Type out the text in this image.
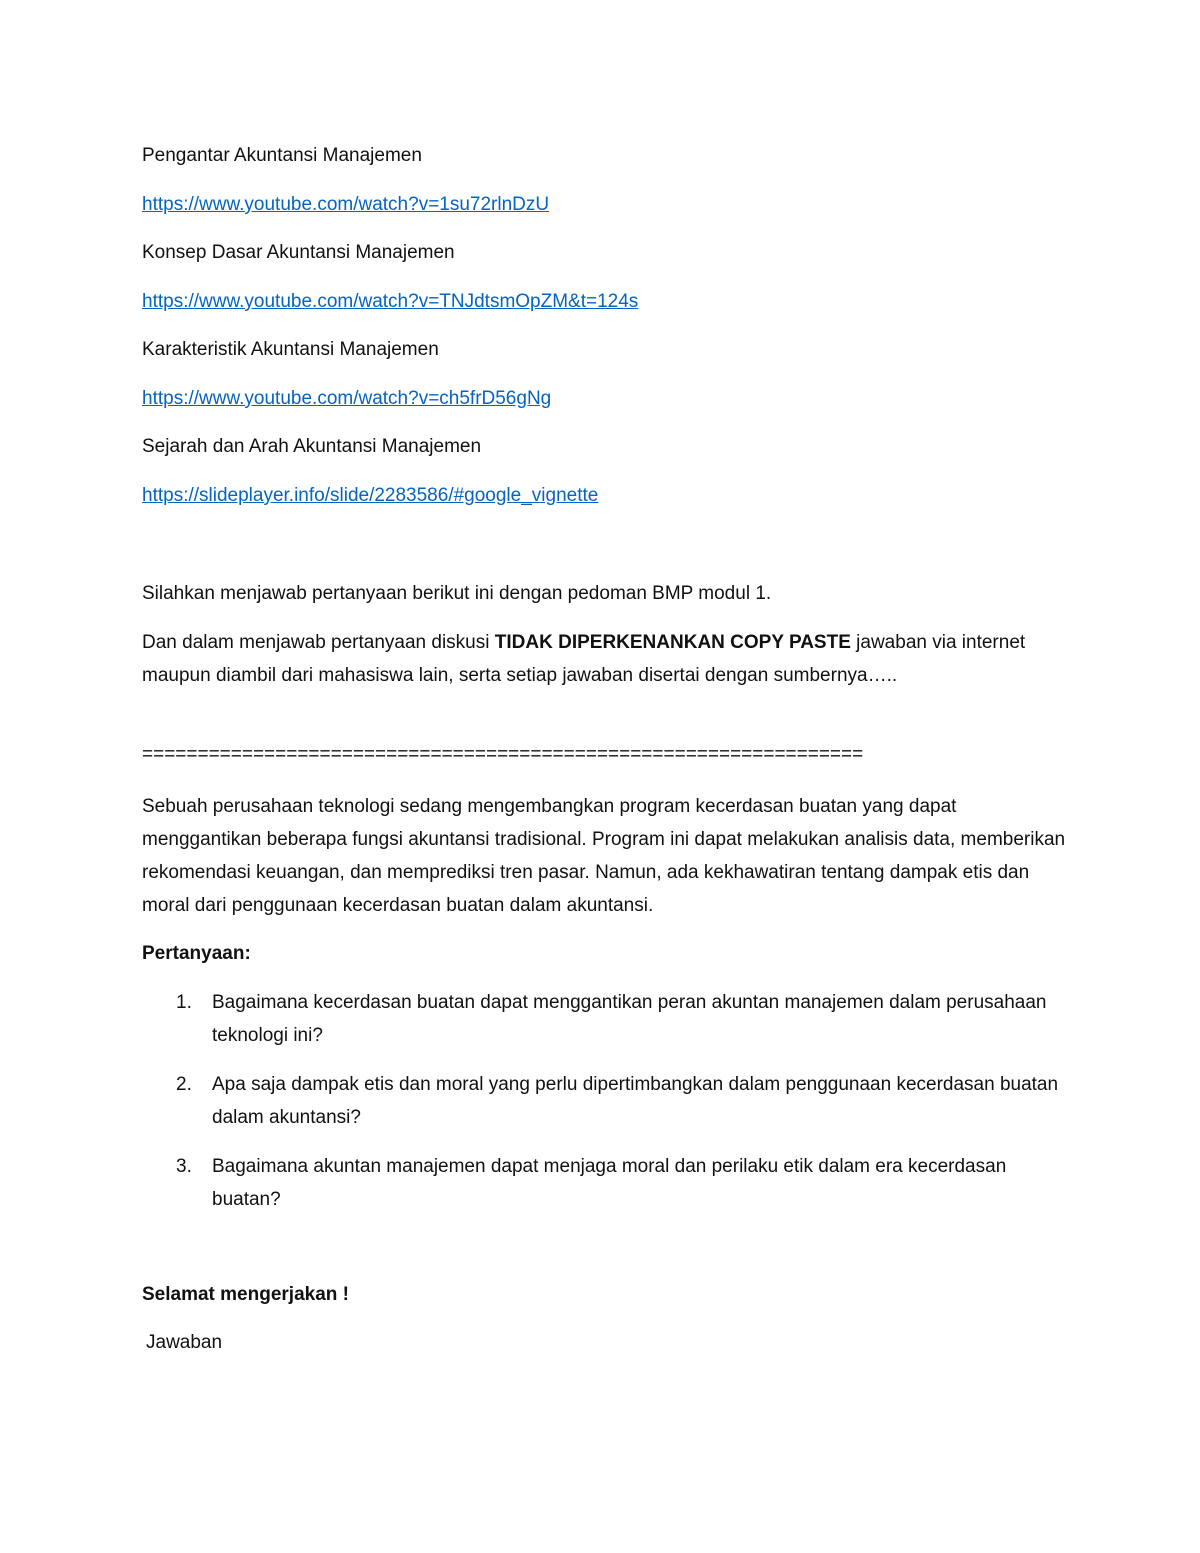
Pengantar Akuntansi Manajemen
https://www.youtube.com/watch?v=1su72rlnDzU
Konsep Dasar Akuntansi Manajemen
https://www.youtube.com/watch?v=TNJdtsmOpZM&t=124s
Karakteristik Akuntansi Manajemen
https://www.youtube.com/watch?v=ch5frD56gNg
Sejarah dan Arah Akuntansi Manajemen
https://slideplayer.info/slide/2283586/#google_vignette
Silahkan menjawab pertanyaan berikut ini dengan pedoman BMP modul 1.
Dan dalam menjawab pertanyaan diskusi TIDAK DIPERKENANKAN COPY PASTE jawaban via internet maupun diambil dari mahasiswa lain, serta setiap jawaban disertai dengan sumbernya…..
=================================================================
Sebuah perusahaan teknologi sedang mengembangkan program kecerdasan buatan yang dapat menggantikan beberapa fungsi akuntansi tradisional. Program ini dapat melakukan analisis data, memberikan rekomendasi keuangan, dan memprediksi tren pasar. Namun, ada kekhawatiran tentang dampak etis dan moral dari penggunaan kecerdasan buatan dalam akuntansi.
Pertanyaan:
1. Bagaimana kecerdasan buatan dapat menggantikan peran akuntan manajemen dalam perusahaan teknologi ini?
2. Apa saja dampak etis dan moral yang perlu dipertimbangkan dalam penggunaan kecerdasan buatan dalam akuntansi?
3. Bagaimana akuntan manajemen dapat menjaga moral dan perilaku etik dalam era kecerdasan buatan?
Selamat mengerjakan !
Jawaban
